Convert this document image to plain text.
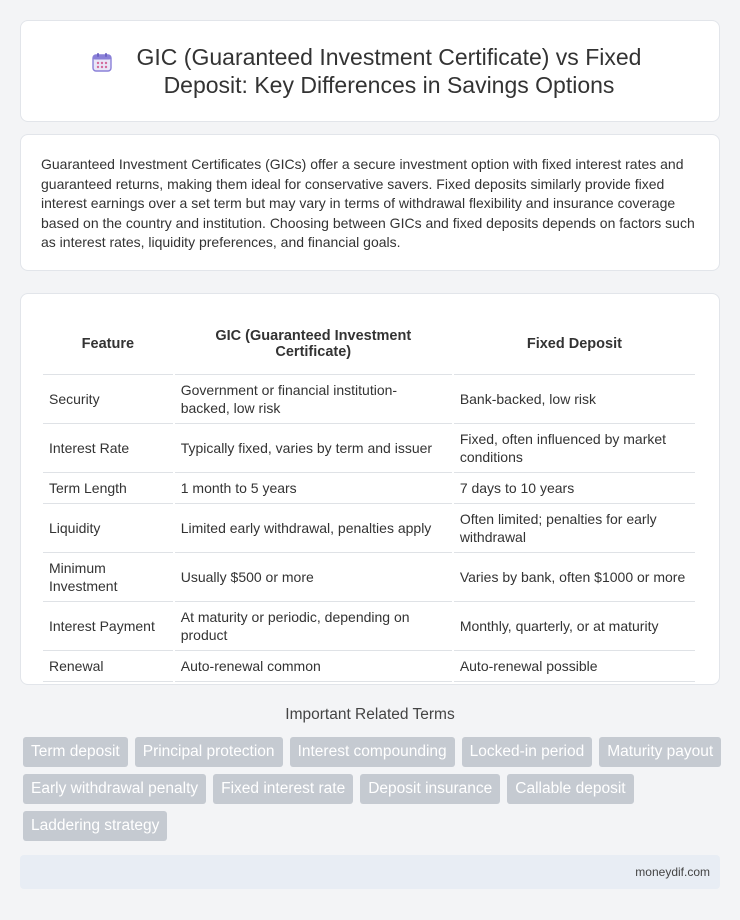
GIC (Guaranteed Investment Certificate) vs Fixed Deposit: Key Differences in Savings Options

Guaranteed Investment Certificates (GICs) offer a secure investment option with fixed interest rates and guaranteed returns, making them ideal for conservative savers. Fixed deposits similarly provide fixed interest earnings over a set term but may vary in terms of withdrawal flexibility and insurance coverage based on the country and institution. Choosing between GICs and fixed deposits depends on factors such as interest rates, liquidity preferences, and financial goals.

Feature	GIC (Guaranteed Investment Certificate)	Fixed Deposit
Security	Government or financial institution-backed, low risk	Bank-backed, low risk
Interest Rate	Typically fixed, varies by term and issuer	Fixed, often influenced by market conditions
Term Length	1 month to 5 years	7 days to 10 years
Liquidity	Limited early withdrawal, penalties apply	Often limited; penalties for early withdrawal
Minimum Investment	Usually $500 or more	Varies by bank, often $1000 or more
Interest Payment	At maturity or periodic, depending on product	Monthly, quarterly, or at maturity
Renewal	Auto-renewal common	Auto-renewal possible
Important Related Terms
Term deposit	Principal protection	Interest compounding	Locked-in period	Maturity payout
Early withdrawal penalty	Fixed interest rate	Deposit insurance	Callable deposit
Laddering strategy
moneydif.com
